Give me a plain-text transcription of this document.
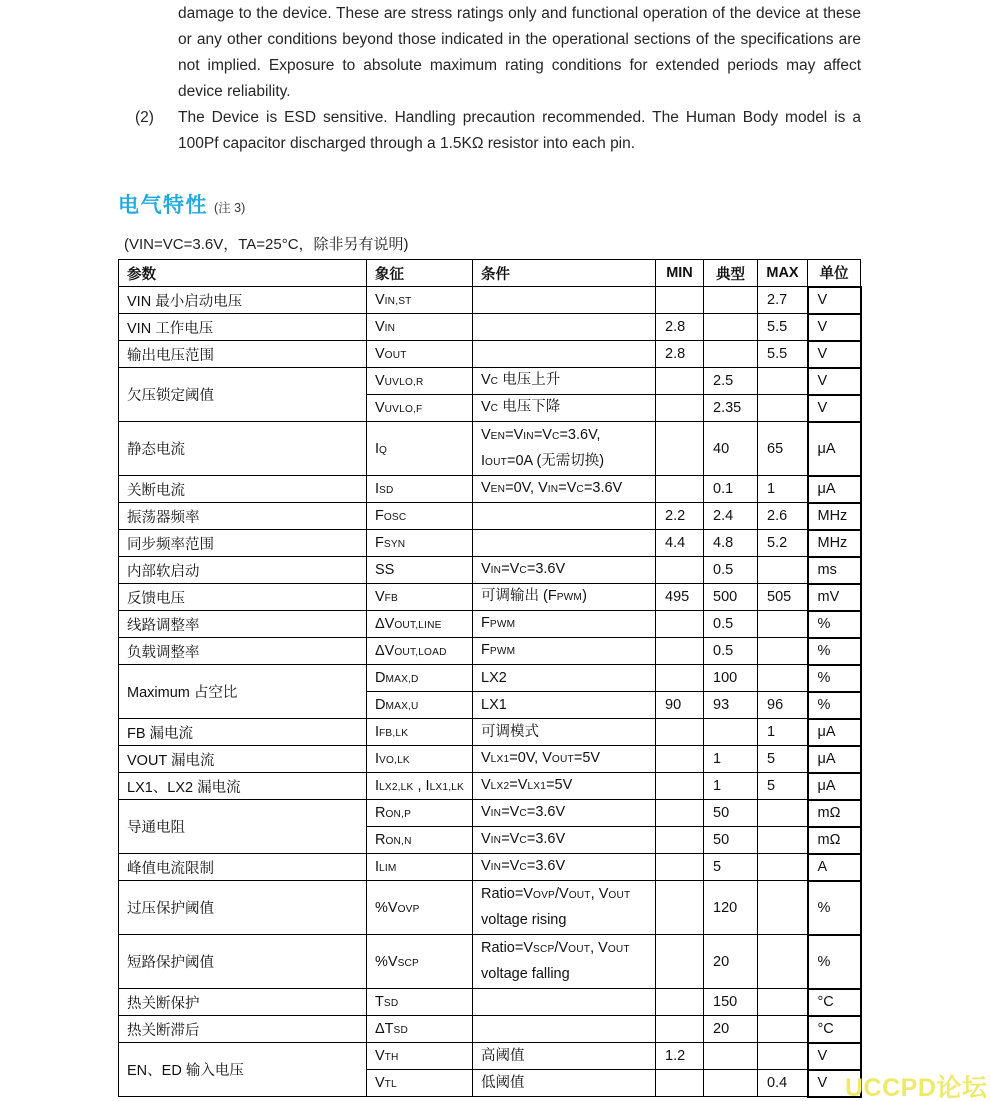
damage to the device. These are stress ratings only and functional operation of the device at these or any other conditions beyond those indicated in the operational sections of the specifications are not implied. Exposure to absolute maximum rating conditions for extended periods may affect device reliability.
(2)	The Device is ESD sensitive. Handling precaution recommended. The Human Body model is a 100Pf capacitor discharged through a 1.5KΩ resistor into each pin.
电气特性 (注 3)
(VIN=VC=3.6V，TA=25°C，除非另有说明)
参数	象征	条件	MIN	典型	MAX	单位
VIN 最小启动电压	VIN,ST				2.7	V
VIN 工作电压	VIN		2.8		5.5	V
输出电压范围	VOUT		2.8		5.5	V
欠压锁定阈值	VUVLO,R	VC 电压上升		2.5		V
	VUVLO,F	VC 电压下降		2.35		V
静态电流	IQ	VEN=VIN=VC=3.6V,
IOUT=0A (无需切换)		40	65	μA
关断电流	ISD	VEN=0V, VIN=VC=3.6V		0.1	1	μA
振荡器频率	FOSC		2.2	2.4	2.6	MHz
同步频率范围	FSYN		4.4	4.8	5.2	MHz
内部软启动	SS	VIN=VC=3.6V		0.5		ms
反馈电压	VFB	可调输出 (FPWM)	495	500	505	mV
线路调整率	ΔVOUT,LINE	FPWM		0.5		%
负载调整率	ΔVOUT,LOAD	FPWM		0.5		%
Maximum 占空比	DMAX,D	LX2		100		%
	DMAX,U	LX1	90	93	96	%
FB 漏电流	IFB,LK	可调模式			1	μA
VOUT 漏电流	IVO,LK	VLX1=0V, VOUT=5V		1	5	μA
LX1、LX2 漏电流	ILX2,LK , ILX1,LK	VLX2=VLX1=5V		1	5	μA
导通电阻	RON,P	VIN=VC=3.6V		50		mΩ
	RON,N	VIN=VC=3.6V		50		mΩ
峰值电流限制	ILIM	VIN=VC=3.6V		5		A
过压保护阈值	%VOVP	Ratio=VOVP/VOUT, VOUT
voltage rising		120		%
短路保护阈值	%VSCP	Ratio=VSCP/VOUT, VOUT
voltage falling		20		%
热关断保护	TSD			150		°C
热关断滞后	ΔTSD			20		°C
EN、ED 输入电压	VTH	高阈值	1.2			V
	VTL	低阈值			0.4	V UCCPD论坛
